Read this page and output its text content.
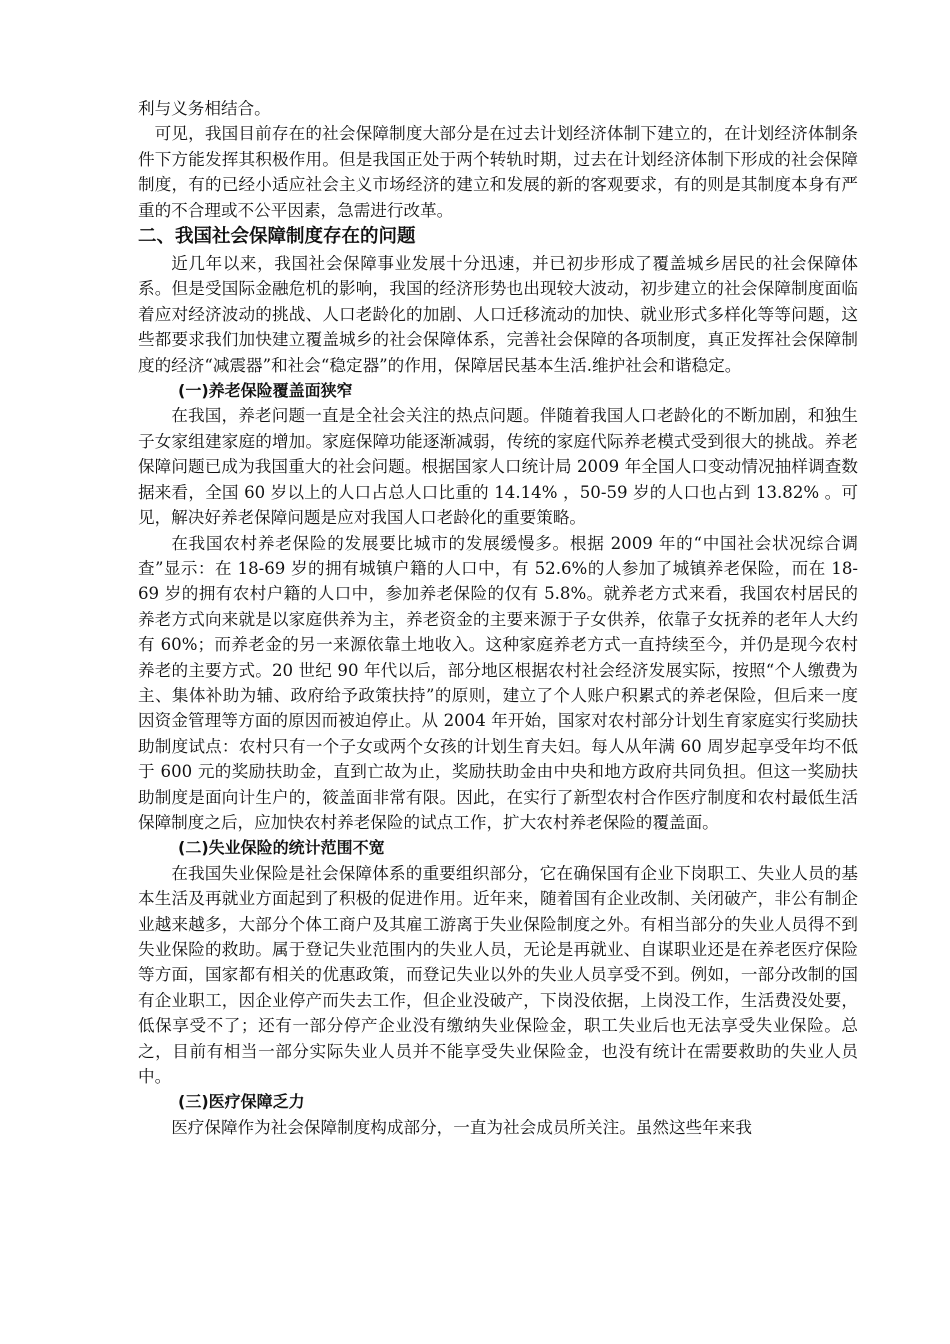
利与义务相结合。

可见，我国目前存在的社会保障制度大部分是在过去计划经济体制下建立的，在计划经济体制条件下方能发挥其积极作用。但是我国正处于两个转轨时期，过去在计划经济体制下形成的社会保障制度，有的已经小适应社会主义市场经济的建立和发展的新的客观要求，有的则是其制度本身有严重的不合理或不公平因素，急需进行改革。

二、我国社会保障制度存在的问题

近几年以来，我国社会保障事业发展十分迅速，并已初步形成了覆盖城乡居民的社会保障体系。但是受国际金融危机的影响，我国的经济形势也出现较大波动，初步建立的社会保障制度面临着应对经济波动的挑战、人口老龄化的加剧、人口迁移流动的加快、就业形式多样化等等问题，这些都要求我们加快建立覆盖城乡的社会保障体系，完善社会保障的各项制度，真正发挥社会保障制度的经济“减震器”和社会“稳定器”的作用，保障居民基本生活.维护社会和谐稳定。

(一)养老保险覆盖面狭窄

在我国，养老问题一直是全社会关注的热点问题。伴随着我国人口老龄化的不断加剧，和独生子女家组建家庭的增加。家庭保障功能逐渐减弱，传统的家庭代际养老模式受到很大的挑战。养老保障问题已成为我国重大的社会问题。根据国家人口统计局 2009 年全国人口变动情况抽样调查数据来看，全国 60 岁以上的人口占总人口比重的 14.14% ，50-59 岁的人口也占到 13.82% 。可见，解决好养老保障问题是应对我国人口老龄化的重要策略。

在我国农村养老保险的发展要比城市的发展缓慢多。根据 2009 年的“中国社会状况综合调查”显示：在 18-69 岁的拥有城镇户籍的人口中，有 52.6%的人参加了城镇养老保险，而在 18-69 岁的拥有农村户籍的人口中，参加养老保险的仅有 5.8%。就养老方式来看，我国农村居民的养老方式向来就是以家庭供养为主，养老资金的主要来源于子女供养，依靠子女抚养的老年人大约有 60%；而养老金的另一来源依靠土地收入。这种家庭养老方式一直持续至今，并仍是现今农村养老的主要方式。20 世纪 90 年代以后，部分地区根据农村社会经济发展实际，按照“个人缴费为主、集体补助为辅、政府给予政策扶持”的原则，建立了个人账户积累式的养老保险，但后来一度因资金管理等方面的原因而被迫停止。从 2004 年开始，国家对农村部分计划生育家庭实行奖励扶助制度试点：农村只有一个子女或两个女孩的计划生育夫妇。每人从年满 60 周岁起享受年均不低于 600 元的奖励扶助金，直到亡故为止，奖励扶助金由中央和地方政府共同负担。但这一奖励扶助制度是面向计生户的，筱盖面非常有限。因此，在实行了新型农村合作医疗制度和农村最低生活保障制度之后，应加快农村养老保险的试点工作，扩大农村养老保险的覆盖面。

(二)失业保险的统计范围不宽

在我国失业保险是社会保障体系的重要组织部分，它在确保国有企业下岗职工、失业人员的基本生活及再就业方面起到了积极的促进作用。近年来，随着国有企业改制、关闭破产，非公有制企业越来越多，大部分个体工商户及其雇工游离于失业保险制度之外。有相当部分的失业人员得不到失业保险的救助。属于登记失业范围内的失业人员，无论是再就业、自谋职业还是在养老医疗保险等方面，国家都有相关的优惠政策，而登记失业以外的失业人员享受不到。例如，一部分改制的国有企业职工，因企业停产而失去工作，但企业没破产，下岗没依据，上岗没工作，生活费没处要，低保享受不了；还有一部分停产企业没有缴纳失业保险金，职工失业后也无法享受失业保险。总之，目前有相当一部分实际失业人员并不能享受失业保险金，也没有统计在需要救助的失业人员中。

(三)医疗保障乏力

医疗保障作为社会保障制度构成部分，一直为社会成员所关注。虽然这些年来我
